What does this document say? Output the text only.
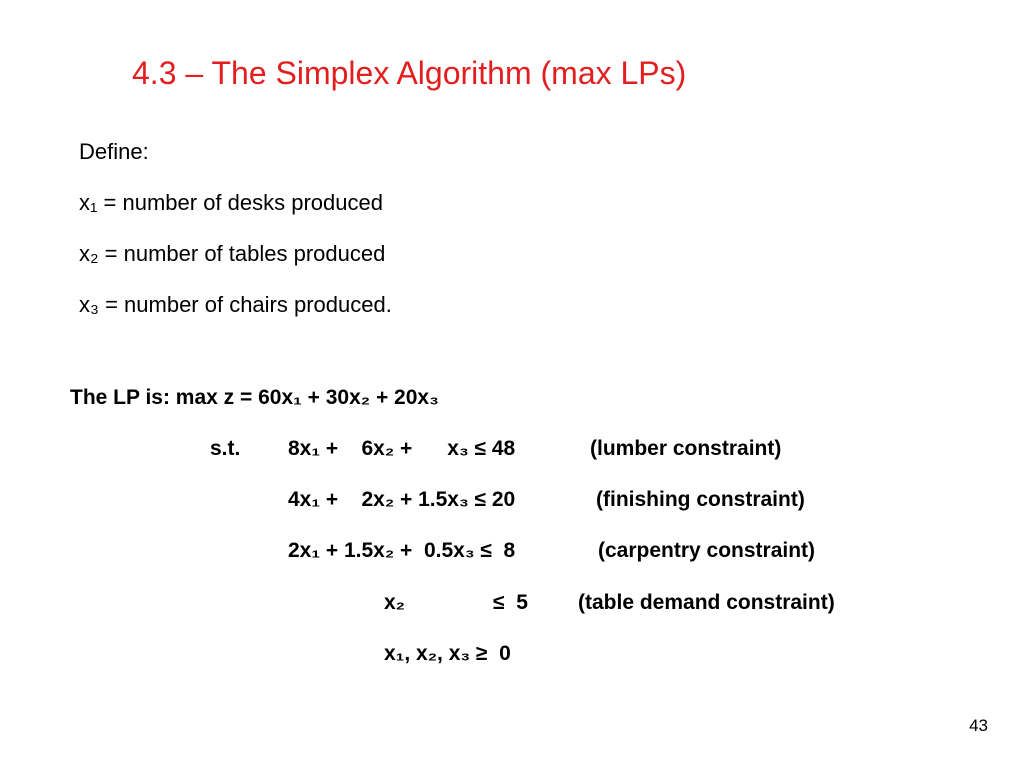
4.3 – The Simplex Algorithm (max LPs)
Define:
x₁ = number of desks produced
x₂ = number of tables produced
x₃ = number of chairs produced.
The LP is: max z = 60x₁ + 30x₂ + 20x₃
s.t. 8x₁ +    6x₂ +      x₃ ≤ 48	(lumber constraint)
4x₁ +    2x₂ + 1.5x₃ ≤ 20	(finishing constraint)
2x₁ + 1.5x₂ +  0.5x₃ ≤  8	(carpentry constraint)
x₂	≤  5 (table demand constraint)
x₁, x₂, x₃ ≥  0
43
